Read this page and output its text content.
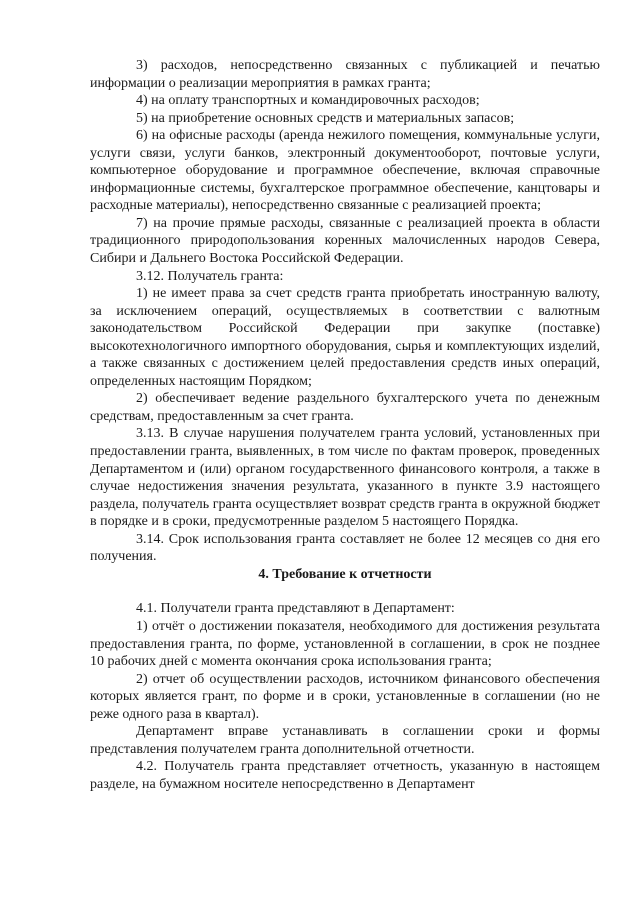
3) расходов, непосредственно связанных с публикацией и печатью информации о реализации мероприятия в рамках гранта;

4) на оплату транспортных и командировочных расходов;

5) на приобретение основных средств и материальных запасов;

6) на офисные расходы (аренда нежилого помещения, коммунальные услуги, услуги связи, услуги банков, электронный документооборот, почтовые услуги, компьютерное оборудование и программное обеспечение, включая справочные информационные системы, бухгалтерское программное обеспечение, канцтовары и расходные материалы), непосредственно связанные с реализацией проекта;

7) на прочие прямые расходы, связанные с реализацией проекта в области традиционного природопользования коренных малочисленных народов Севера, Сибири и Дальнего Востока Российской Федерации.

3.12. Получатель гранта:

1) не имеет права за счет средств гранта приобретать иностранную валюту, за исключением операций, осуществляемых в соответствии с валютным законодательством Российской Федерации при закупке (поставке) высокотехнологичного импортного оборудования, сырья и комплектующих изделий, а также связанных с достижением целей предоставления средств иных операций, определенных настоящим Порядком;

2) обеспечивает ведение раздельного бухгалтерского учета по денежным средствам, предоставленным за счет гранта.

3.13. В случае нарушения получателем гранта условий, установленных при предоставлении гранта, выявленных, в том числе по фактам проверок, проведенных Департаментом и (или) органом государственного финансового контроля, а также в случае недостижения значения результата, указанного в пункте 3.9 настоящего раздела, получатель гранта осуществляет возврат средств гранта в окружной бюджет в порядке и в сроки, предусмотренные разделом 5 настоящего Порядка.

3.14. Срок использования гранта составляет не более 12 месяцев со дня его получения.

4. Требование к отчетности

4.1. Получатели гранта представляют в Департамент:

1) отчёт о достижении показателя, необходимого для достижения результата предоставления гранта, по форме, установленной в соглашении, в срок не позднее 10 рабочих дней с момента окончания срока использования гранта;

2) отчет об осуществлении расходов, источником финансового обеспечения которых является грант, по форме и в сроки, установленные в соглашении (но не реже одного раза в квартал).

Департамент вправе устанавливать в соглашении сроки и формы представления получателем гранта дополнительной отчетности.

4.2. Получатель гранта представляет отчетность, указанную в настоящем разделе, на бумажном носителе непосредственно в Департамент
